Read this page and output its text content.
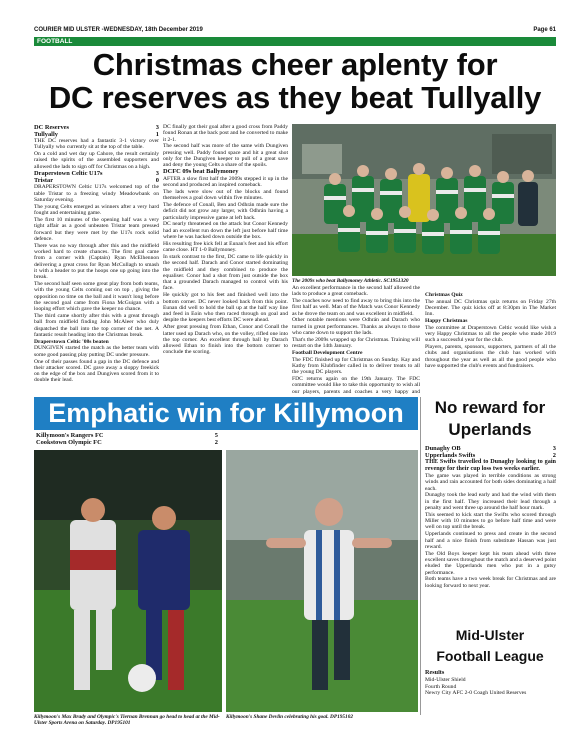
COURIER MID ULSTER -WEDNESDAY, 18th December 2019	Page 61
FOOTBALL
Christmas cheer aplenty for
DC reserves as they beat Tullyally
DC Reserves	3
Tullyally	1

THE DC reserves had a fantastic 3-1 victory over Tullyally who currently sit at the top of the table.

On a cold and wet day up Cahore, the result certainly raised the spirits of the assembled supporters and allowed the lads to sign off for Christmas on a high.

Draperstown Celtic U17s	3
Tristar	0

DRAPERSTOWN Celtic U17s welcomed top of the table Tristar to a freezing windy Meadowbank on Saturday evening.

The young Celts emerged as winners after a very hard fought and entertaining game.

The first 10 minutes of the opening half was a very tight affair as a good unbeaten Tristar team pressed forward but they were met by the U17s rock solid defence.

There was no way through after this and the midfield worked hard to create chances. The first goal came from a corner with (Captain) Ryan McElhennon delivering a great cross for Ryan McCullagh to smash it with a header to put the hoops one up going into the break.

The second half seen some great play from both teams, with the young Celts coming out on top , giving the opposition no time on the ball and it wasn't long before the second goal came from Fiona McGuigan with a looping effort which gave the keeper no chance.

The third came shortly after this with a great through ball from midfield finding John McAleer who duly dispatched the ball into the top corner of the net. A fantastic result heading into the Christmas break.

Draperstown Celtic '08s beaten

DUNGIVEN started the match as the better team with some good passing play putting DC under pressure.

One of their passes found a gap in the DC defence and their attacker scored. DC gave away a sloppy freekick on the edge of the box and Dungiven scored from it to double their lead.

DC finally got their goal after a good cross from Paddy found Ronan at the back post and he converted to make it 2-1.

The second half was more of the same with Dungiven pressing well. Paddy found space and hit a great shot only for the Dungiven keeper to pull of a great save and deny the young Celts a share of the spoils.

DCFC 09s beat Ballymoney

AFTER a slow first half the 2009s stepped it up in the second and produced an inspired comeback.

The lads were slow out of the blocks and found themselves a goal down within five minutes.

The defence of Conall, Ben and Odhrán made sure the deficit did not grow any larger, with Odhrán having a particularly impressive game at left back.

DC nearly threatened on the attack but Conor Kennedy had an excellent run down the left just before half time where he was hacked down outside the box.

His resulting free kick fell at Eunan's feet and his effort came close. HT 1-0 Ballymoney.

In stark contrast to the first, DC came to life quickly in the second half. Darach and Conor started dominating the midfield and they combined to produce the equaliser. Conor had a shot from just outside the box that a grounded Darach managed to control with his face.

He quickly got to his feet and finished well into the bottom corner. DC never looked back from this point. Eunan did well to hold the ball up at the half way line and feed in Eoin who then raced through on goal and despite the keepers best efforts DC were ahead.

After great pressing from Ethan, Conor and Conall the latter used up Darach who, on the volley, rifled one into the top corner. An excellent through ball by Darach allowed Ethan to finish into the bottom corner to conclude the scoring.

The 2009s who beat Ballymoney Athletic. SC1951320

An excellent performance in the second half allowed the lads to produce a great comeback.

The coaches now need to find away to bring this into the first half as well. Man of the Match was Conor Kennedy as he drove the team on and was excellent in midfield.

Other notable mentions were Odhrán and Darach who turned in great performances. Thanks as always to those who came down to support the lads.

That's the 2009s wrapped up for Christmas. Training will restart on the 14th January.

Football Development Centre

The FDC finished up for Christmas on Sunday. Kay and Kathy from Klubfinder called in to deliver treats to all the young DC players.

FDC returns again on the 19th January. The FDC committee would like to take this opportunity to wish all our players, parents and coaches a very happy and

Christmas Quiz

The annual DC Christmas quiz returns on Friday 27th December. The quiz kicks off at 8:30pm in The Market Inn.

Happy Christmas

The committee at Draperstown Celtic would like wish a very Happy Christmas to all the people who made 2019 such a successful year for the club.

Players, parents, sponsors, supporters, partners of all the clubs and organisations the club has worked with throughout the year as well as all the good people who have supported the club's events and fundraisers.

Emphatic win for Killymoon
Killymoon's Rangers FC	5
Cookstown Olympic FC	2
Killymoon's Max Brady and Olympic's Tiernan Brennan go head to head at the Mid-Ulster Sports Arena on Saturday. DP195101
Killymoon's Shane Devlin celebrating his goal. DP195102
No reward for
Uperlands
Dunaghy OB	3
Upperlands Swifts	2

THE Swifts travelled to Dunaghy looking to gain revenge for their cup loss two weeks earlier.

The game was played in terrible conditions as strong winds and rain accounted for both sides dominating a half each.

Dunaghy took the lead early and had the wind with them in the first half. They increased their lead through a penalty and went three up around the half hour mark.

This seemed to kick start the Swifts who scored through Miller with 10 minutes to go before half time and were well on top until the break.

Upperlands continued to press and create in the second half and a nice finish from substitute Hassan was just reward.

The Old Boys keeper kept his team ahead with three excellent saves throughout the match and a deserved point eluded the Upperlands men who put in a gutsy performance.

Both teams have a two week break for Christmas and are looking forward to next year.

Mid-Ulster
Football League

Results

Mid-Ulster Shield

Fourth Round

Newry City AFC 2-0 Coagh United Reserves
